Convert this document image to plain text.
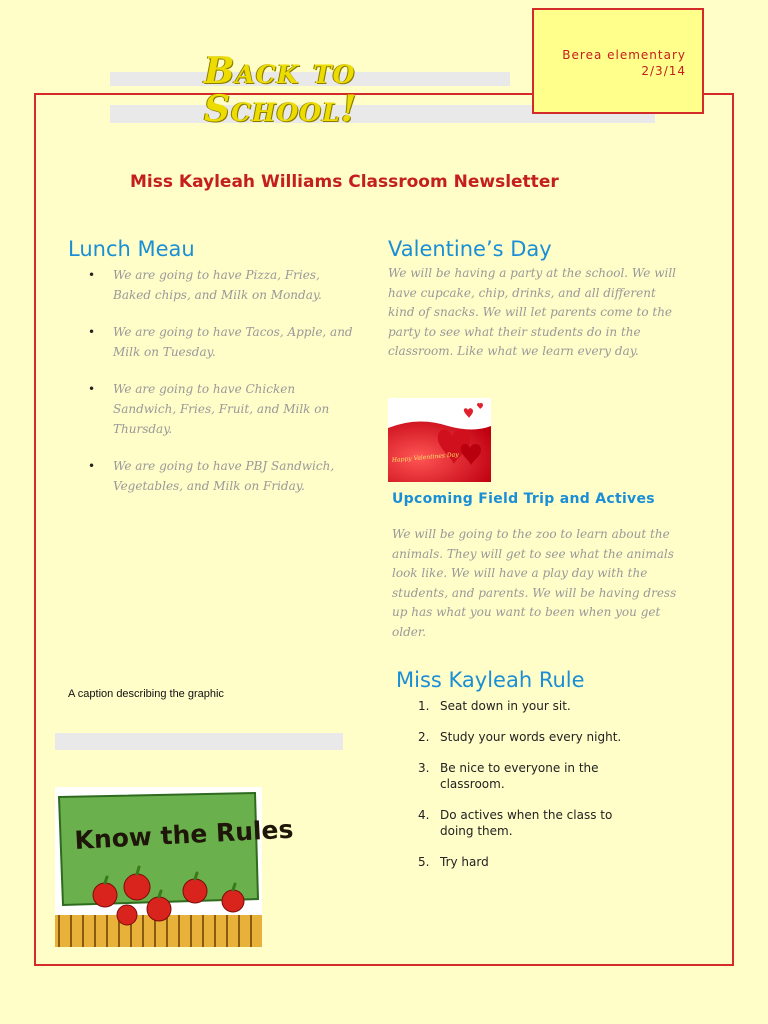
Back to
School!
Berea elementary
2/3/14
Miss Kayleah Williams Classroom Newsletter
Lunch Meau
• We are going to have Pizza, Fries, Baked chips, and Milk on Monday.
• We are going to have Tacos, Apple, and Milk on Tuesday.
• We are going to have Chicken Sandwich, Fries, Fruit, and Milk on Thursday.
• We are going to have PBJ Sandwich, Vegetables, and Milk on Friday.
Valentine’s Day
We will be having a party at the school. We will have cupcake, chip, drinks, and all different kind of snacks. We will let parents come to the party to see what their students do in the classroom. Like what we learn every day.
Happy Valentines Day
Upcoming Field Trip and Actives
We will be going to the zoo to learn about the animals. They will get to see what the animals look like. We will have a play day with the students, and parents. We will be having dress up has what you want to been when you get older.
A caption describing the graphic
Miss Kayleah Rule
1. Seat down in your sit.
2. Study your words every night.
3. Be nice to everyone in the classroom.
4. Do actives when the class to doing them.
5. Try hard
Know the Rules
